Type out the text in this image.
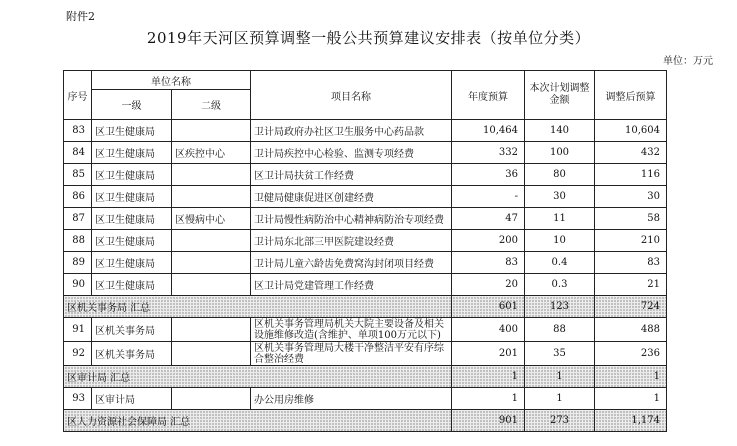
附件2
2019年天河区预算调整一般公共预算建议安排表（按单位分类）
单位：万元
序号	单位名称		项目名称	年度预算	本次计划调整金额	调整后预算
	一级	二级				
83	区卫生健康局		卫计局政府办社区卫生服务中心药品款	10,464	140	10,604
84	区卫生健康局	区疾控中心	卫计局疾控中心检验、监测专项经费	332	100	432
85	区卫生健康局		区卫计局扶贫工作经费	36	80	116
86	区卫生健康局		卫健局健康促进区创建经费	-	30	30
87	区卫生健康局	区慢病中心	卫计局慢性病防治中心精神病防治专项经费	47	11	58
88	区卫生健康局		卫计局东北部三甲医院建设经费	200	10	210
89	区卫生健康局		卫计局儿童六龄齿免费窝沟封闭项目经费	83	0.4	83
90	区卫生健康局		区卫计局党建管理工作经费	20	0.3	21
区机关事务局 汇总				601	123	724
91	区机关事务局		区机关事务管理局机关大院主要设备及相关设施维修改造(含维护、单项100万元以下)	400	88	488
92	区机关事务局		区机关事务管理局大楼干净整洁平安有序综合整治经费	201	35	236
区审计局 汇总				1	1	1
93	区审计局		办公用房维修	1	1	1
区人力资源社会保障局 汇总				901	273	1,174
